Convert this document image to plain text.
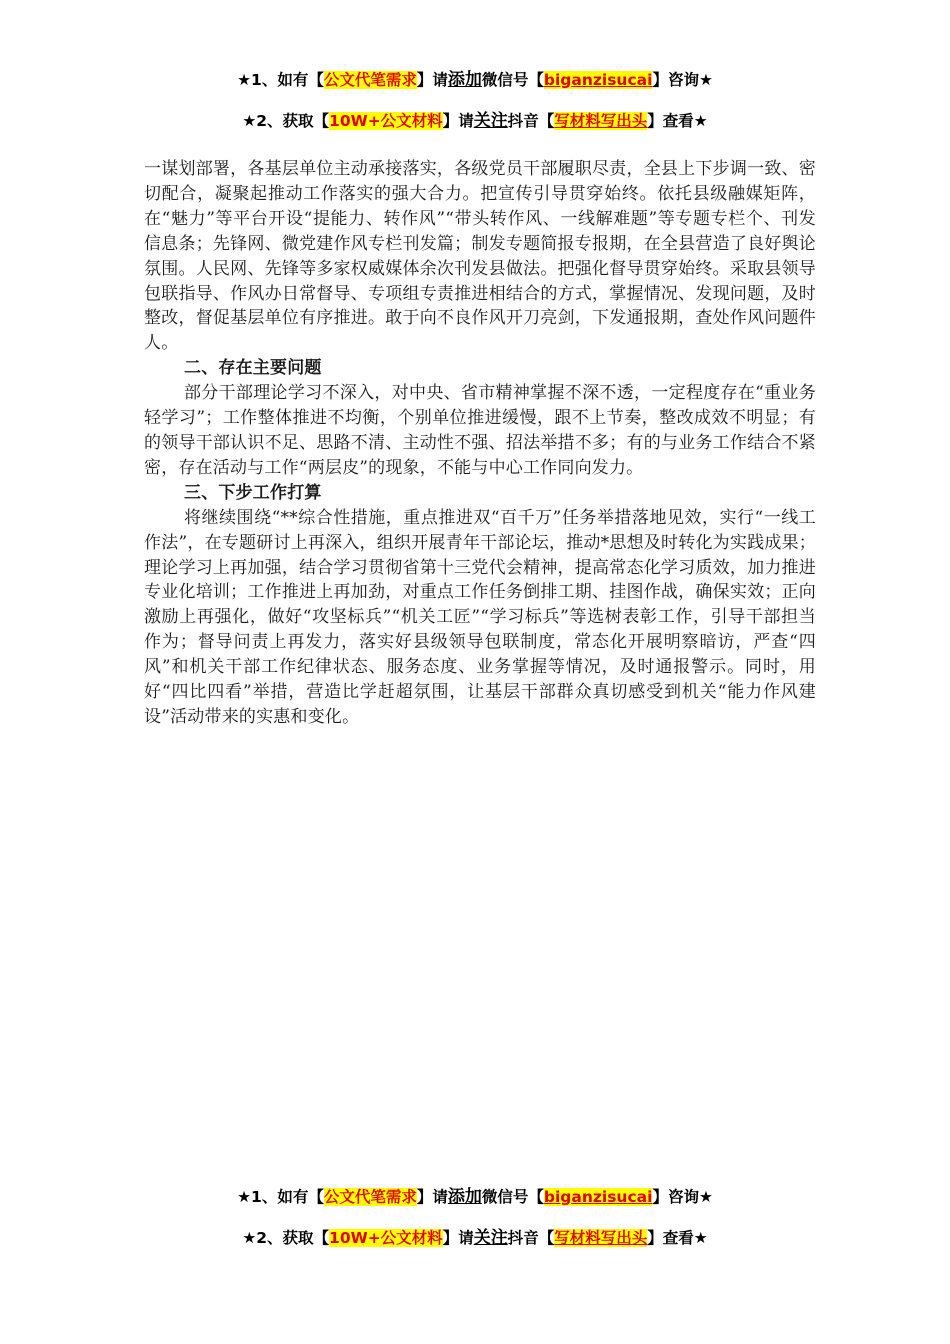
★1、如有【公文代笔需求】请添加微信号【biganzisucai】咨询★
★2、获取【10W+公文材料】请关注抖音【写材料写出头】查看★

一谋划部署，各基层单位主动承接落实，各级党员干部履职尽责，全县上下步调一致、密切配合，凝聚起推动工作落实的强大合力。把宣传引导贯穿始终。依托县级融媒矩阵，在“魅力”等平台开设“提能力、转作风”“带头转作风、一线解难题”等专题专栏个、刊发信息条；先锋网、微党建作风专栏刊发篇；制发专题简报专报期，在全县营造了良好舆论氛围。人民网、先锋等多家权威媒体余次刊发县做法。把强化督导贯穿始终。采取县领导包联指导、作风办日常督导、专项组专责推进相结合的方式，掌握情况、发现问题，及时整改，督促基层单位有序推进。敢于向不良作风开刀亮剑，下发通报期，查处作风问题件人。

二、存在主要问题

部分干部理论学习不深入，对中央、省市精神掌握不深不透，一定程度存在“重业务轻学习”；工作整体推进不均衡，个别单位推进缓慢，跟不上节奏，整改成效不明显；有的领导干部认识不足、思路不清、主动性不强、招法举措不多；有的与业务工作结合不紧密，存在活动与工作“两层皮”的现象，不能与中心工作同向发力。

三、下步工作打算

将继续围绕“**综合性措施，重点推进双“百千万”任务举措落地见效，实行“一线工作法”，在专题研讨上再深入，组织开展青年干部论坛，推动*思想及时转化为实践成果；理论学习上再加强，结合学习贯彻省第十三党代会精神，提高常态化学习质效，加力推进专业化培训；工作推进上再加劲，对重点工作任务倒排工期、挂图作战，确保实效；正向激励上再强化，做好“攻坚标兵”“机关工匠”“学习标兵”等选树表彰工作，引导干部担当作为；督导问责上再发力，落实好县级领导包联制度，常态化开展明察暗访，严查“四风”和机关干部工作纪律状态、服务态度、业务掌握等情况，及时通报警示。同时，用好“四比四看”举措，营造比学赶超氛围，让基层干部群众真切感受到机关“能力作风建设”活动带来的实惠和变化。

★1、如有【公文代笔需求】请添加微信号【biganzisucai】咨询★
★2、获取【10W+公文材料】请关注抖音【写材料写出头】查看★
